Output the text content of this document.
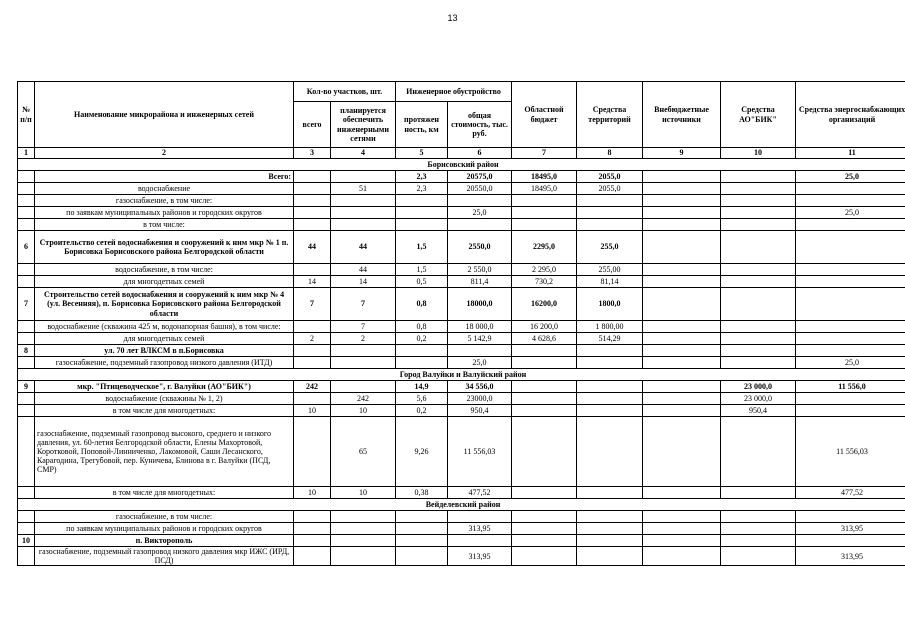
13
№ п/п	Наименование микрорайона и инженерных сетей	Кол-во участков, шт.		Инженерное обустройство		Областной бюджет	Средства территорий	Внебюджетные источники	Средства АО"БИК"	Средства энергоснабжающих организаций
		всего	планируется обеспечить инженерными сетями	протяжен ность, км	общая стоимость, тыс. руб.					
1	2	3	4	5	6	7	8	9	10	11
Борисовский район										
	Всего:			2,3	20575,0	18495,0	2055,0			25,0
	водоснабжение		51	2,3	20550,0	18495,0	2055,0			
	газоснабжение, в том числе:									
	по заявкам муниципальных районов и городских округов				25,0					25,0
	в том числе:									
6	Строительство сетей водоснабжения и сооружений к ним мкр № 1 п. Борисовка Борисовского района Белгородской области	44	44	1,5	2550,0	2295,0	255,0			
	водоснабжение, в том числе:		44	1,5	2 550,0	2 295,0	255,00			
	для многодетных семей	14	14	0,5	811,4	730,2	81,14			
7	Строительство сетей водоснабжения и сооружений к ним мкр № 4 (ул. Весенняя), п. Борисовка Борисовского района Белгородской области	7	7	0,8	18000,0	16200,0	1800,0			
	водоснабжение (скважина 425 м, водонапорная башня), в том числе:		7	0,8	18 000,0	16 200,0	1 800,00			
	для многодетных семей	2	2	0,2	5 142,9	4 628,6	514,29			
8	ул. 70 лет ВЛКСМ в п.Борисовка									
	газоснабжение, подземный газопровод низкого давления (ИТД)				25,0					25,0
Город Валуйки и Валуйский район										
9	мкр. "Птицеводческое", г. Валуйки (АО"БИК")	242		14,9	34 556,0				23 000,0	11 556,0
	водоснабжение (скважины № 1, 2)		242	5,6	23000,0				23 000,0	
	в том числе для многодетных:	10	10	0,2	950,4				950,4	
	газоснабжение, подземный газопровод высокого, среднего и низкого давления, ул. 60-летия Белгородской области, Елены Махортовой, Коротковой, Поповой-Линниченко, Лакомовой, Саши Лесанского, Карагодина, Трегубовой, пер. Куничева, Блинова в г. Валуйки (ПСД, СМР)		65	9,26	11 556,03					11 556,03
	в том числе для многодетных:	10	10	0,38	477,52					477,52
Вейделевский район										
	газоснабжение, в том числе:									
	по заявкам муниципальных районов и городских округов				313,95					313,95
10	п. Викторополь									
	газоснабжение, подземный газопровод низкого давления мкр ИЖС (ИРД, ПСД)				313,95					313,95
